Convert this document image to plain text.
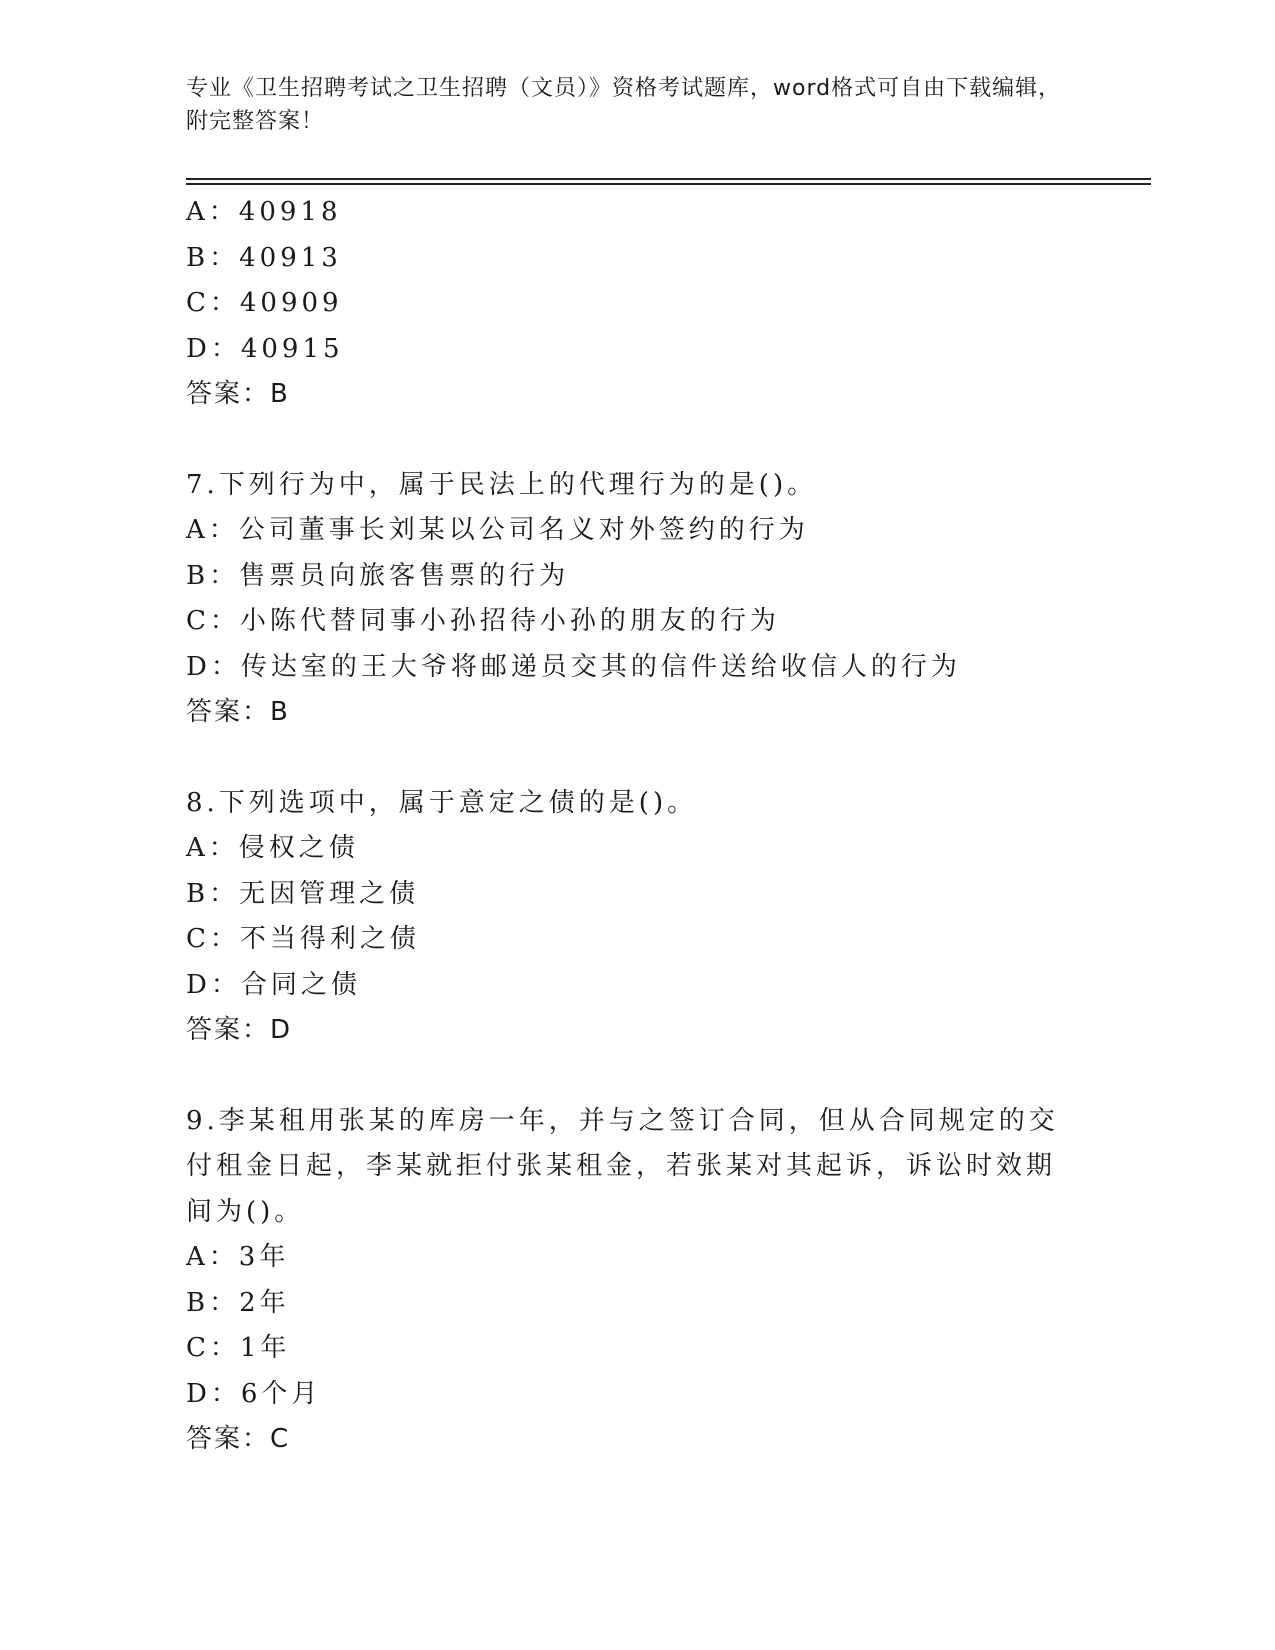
专业《卫生招聘考试之卫生招聘（文员）》资格考试题库，word格式可自由下载编辑，附完整答案！
A：40918
B：40913
C：40909
D：40915
答案：B
7.下列行为中，属于民法上的代理行为的是()。
A：公司董事长刘某以公司名义对外签约的行为
B：售票员向旅客售票的行为
C：小陈代替同事小孙招待小孙的朋友的行为
D：传达室的王大爷将邮递员交其的信件送给收信人的行为
答案：B
8.下列选项中，属于意定之债的是()。
A：侵权之债
B：无因管理之债
C：不当得利之债
D：合同之债
答案：D
9.李某租用张某的库房一年，并与之签订合同，但从合同规定的交付租金日起，李某就拒付张某租金，若张某对其起诉，诉讼时效期间为()。
A：3年
B：2年
C：1年
D：6个月
答案：C
